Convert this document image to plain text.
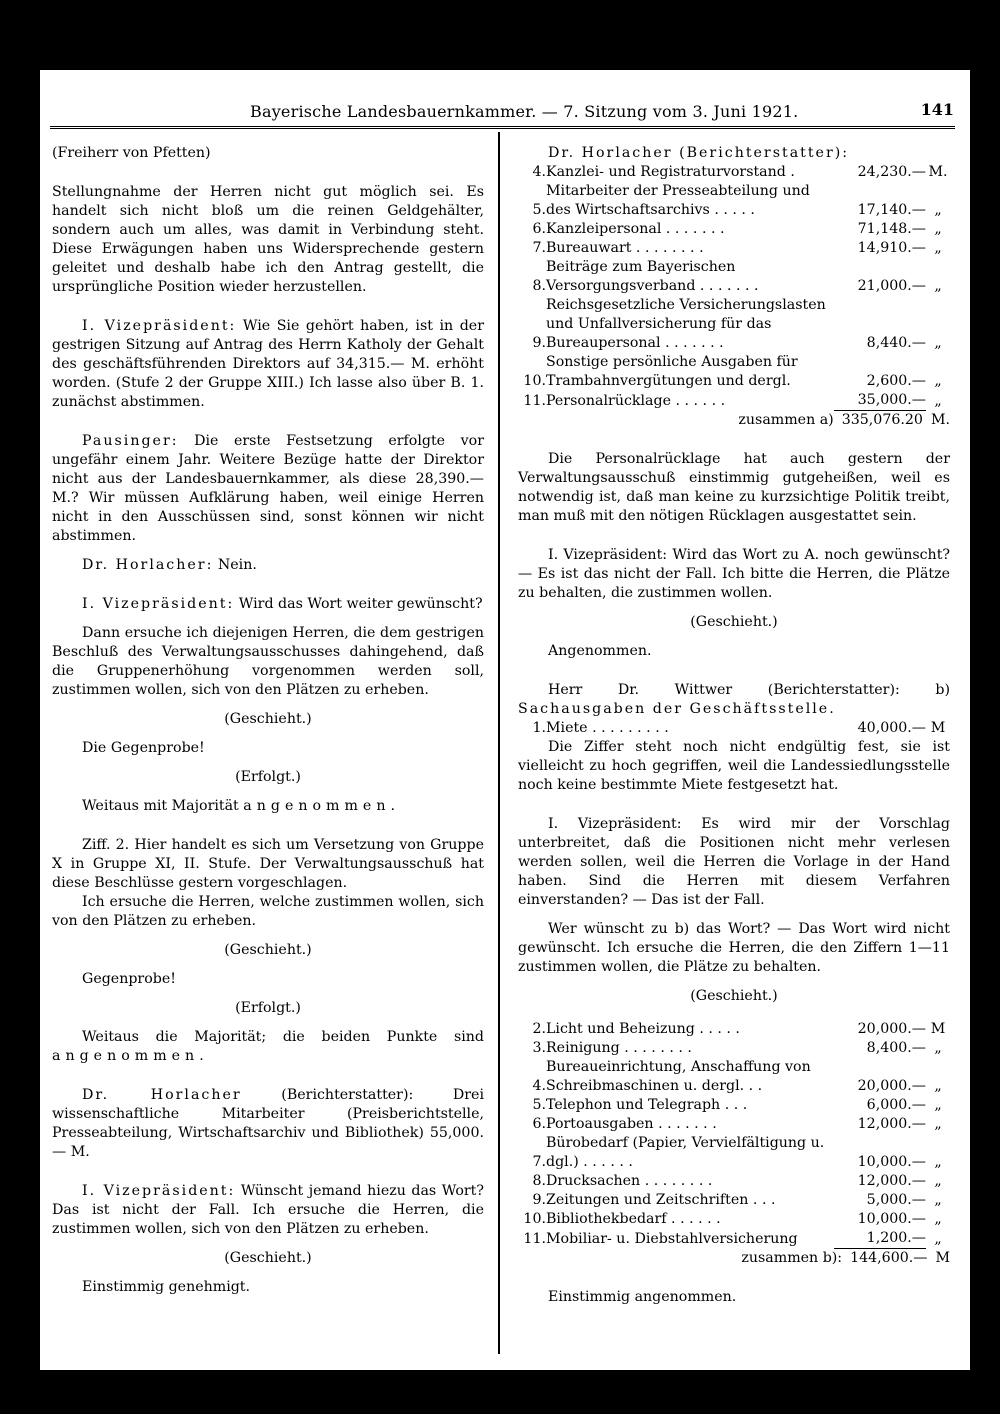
Bayerische Landesbauernkammer. — 7. Sitzung vom 3. Juni 1921.	141

(Freiherr von Pfetten)

Stellungnahme der Herren nicht gut möglich sei. Es handelt sich nicht bloß um die reinen Geldgehälter, sondern auch um alles, was damit in Verbindung steht. Diese Erwägungen haben uns Widersprechende gestern geleitet und deshalb habe ich den Antrag gestellt, die ursprüngliche Position wieder herzustellen.

I. Vizepräsident: Wie Sie gehört haben, ist in der gestrigen Sitzung auf Antrag des Herrn Katholy der Gehalt des geschäftsführenden Direktors auf 34,315.— M. erhöht worden. (Stufe 2 der Gruppe XIII.) Ich lasse also über B. 1. zunächst abstimmen.

Pausinger: Die erste Festsetzung erfolgte vor ungefähr einem Jahr. Weitere Bezüge hatte der Direktor nicht aus der Landesbauernkammer, als diese 28,390.— M.? Wir müssen Aufklärung haben, weil einige Herren nicht in den Ausschüssen sind, sonst können wir nicht abstimmen.

Dr. Horlacher: Nein.

I. Vizepräsident: Wird das Wort weiter gewünscht?

Dann ersuche ich diejenigen Herren, die dem gestrigen Beschluß des Verwaltungsausschusses dahingehend, daß die Gruppenerhöhung vorgenommen werden soll, zustimmen wollen, sich von den Plätzen zu erheben.

(Geschieht.)

Die Gegenprobe!

(Erfolgt.)

Weitaus mit Majorität angenommen.

Ziff. 2. Hier handelt es sich um Versetzung von Gruppe X in Gruppe XI, II. Stufe. Der Verwaltungsausschuß hat diese Beschlüsse gestern vorgeschlagen.

Ich ersuche die Herren, welche zustimmen wollen, sich von den Plätzen zu erheben.

(Geschieht.)

Gegenprobe!

(Erfolgt.)

Weitaus die Majorität; die beiden Punkte sind angenommen.

Dr. Horlacher (Berichterstatter): Drei wissenschaftliche Mitarbeiter (Preisberichtstelle, Presseabteilung, Wirtschaftsarchiv und Bibliothek) 55,000.— M.

I. Vizepräsident: Wünscht jemand hiezu das Wort? Das ist nicht der Fall. Ich ersuche die Herren, die zustimmen wollen, sich von den Plätzen zu erheben.

(Geschieht.)

Einstimmig genehmigt.

Dr. Horlacher (Berichterstatter):

4.	Kanzlei- und Registraturvorstand .	24,230.—	M.
5.	Mitarbeiter der Presseabteilung und des Wirtschaftsarchivs . . . . .	17,140.—	„
6.	Kanzleipersonal . . . . . . .	71,148.—	„
7.	Bureauwart . . . . . . . .	14,910.—	„
8.	Beiträge zum Bayerischen Versorgungsverband . . . . . . .	21,000.—	„
9.	Reichsgesetzliche Versicherungslasten und Unfallversicherung für das Bureaupersonal . . . . . . .	8,440.—	„
10.	Sonstige persönliche Ausgaben für Trambahnvergütungen und dergl.	2,600.—	„
11.	Personalrücklage . . . . . .	35,000.—	„
zusammen a) 335,076.20 M.

Die Personalrücklage hat auch gestern der Verwaltungsausschuß einstimmig gutgeheißen, weil es notwendig ist, daß man keine zu kurzsichtige Politik treibt, man muß mit den nötigen Rücklagen ausgestattet sein.

I. Vizepräsident: Wird das Wort zu A. noch gewünscht? — Es ist das nicht der Fall. Ich bitte die Herren, die Plätze zu behalten, die zustimmen wollen.

(Geschieht.)

Angenommen.

Herr Dr. Wittwer (Berichterstatter): b) Sachausgaben der Geschäftsstelle.

1.	Miete . . . . . . . . .	40,000.—	M

Die Ziffer steht noch nicht endgültig fest, sie ist vielleicht zu hoch gegriffen, weil die Landessiedlungsstelle noch keine bestimmte Miete festgesetzt hat.

I. Vizepräsident: Es wird mir der Vorschlag unterbreitet, daß die Positionen nicht mehr verlesen werden sollen, weil die Herren die Vorlage in der Hand haben. Sind die Herren mit diesem Verfahren einverstanden? — Das ist der Fall.

Wer wünscht zu b) das Wort? — Das Wort wird nicht gewünscht. Ich ersuche die Herren, die den Ziffern 1—11 zustimmen wollen, die Plätze zu behalten.

(Geschieht.)

2.	Licht und Beheizung . . . . .	20,000.—	M
3.	Reinigung . . . . . . . .	8,400.—	„
4.	Bureaueinrichtung, Anschaffung von Schreibmaschinen u. dergl. . .	20,000.—	„
5.	Telephon und Telegraph . . .	6,000.—	„
6.	Portoausgaben . . . . . . .	12,000.—	„
7.	Bürobedarf (Papier, Vervielfältigung u. dgl.) . . . . . .	10,000.—	„
8.	Drucksachen . . . . . . . .	12,000.—	„
9.	Zeitungen und Zeitschriften . . .	5,000.—	„
10.	Bibliothekbedarf . . . . . .	10,000.—	„
11.	Mobiliar- u. Diebstahlversicherung	1,200.—	„
zusammen b): 144,600.— M

Einstimmig angenommen.
